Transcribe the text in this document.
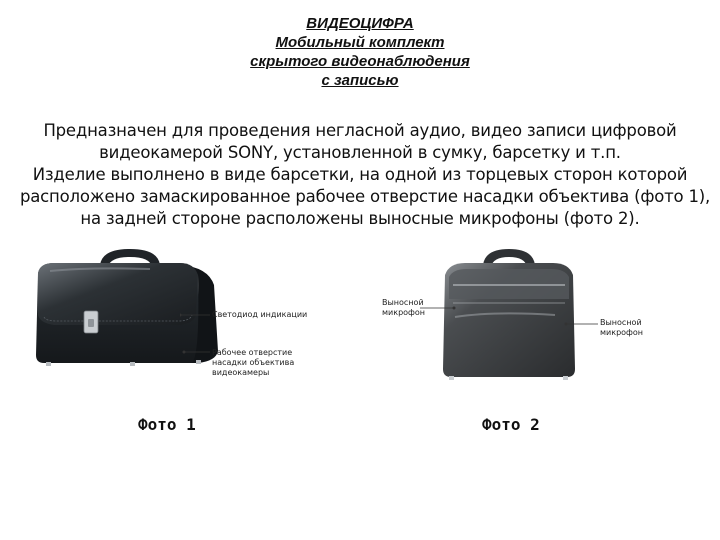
ВИДЕОЦИФРА
Мобильный комплект
скрытого видеонаблюдения
с записью
Предназначен для проведения негласной аудио, видео записи цифровой
видеокамерой SONY, установленной в сумку, барсетку и т.п.
Изделие выполнено в виде барсетки, на одной из торцевых сторон которой
расположено замаскированное рабочее отверстие насадки объектива (фото 1),
на задней стороне расположены выносные микрофоны (фото 2).
Светодиод индикации
Рабочее отверстие
насадки объектива
видеокамеры
Выносной
микрофон
Выносной
микрофон
Фото 1	Фото 2
